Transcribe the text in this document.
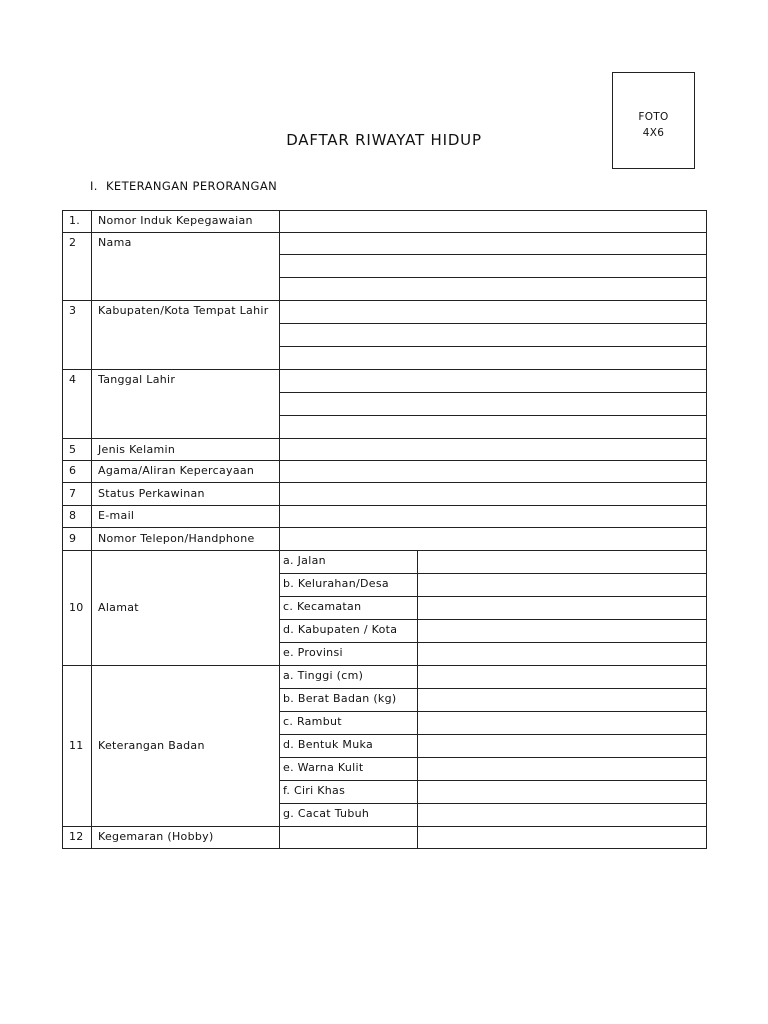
FOTO
4X6
DAFTAR RIWAYAT HIDUP
I. KETERANGAN PERORANGAN
1.	Nomor Induk Kepegawaian		
2	Nama		

3	Kabupaten/Kota Tempat Lahir		

4	Tanggal Lahir		

5	Jenis Kelamin		
6	Agama/Aliran Kepercayaan		
7	Status Perkawinan		
8	E-mail		
9	Nomor Telepon/Handphone		
10	Alamat	a. Jalan	
		b. Kelurahan/Desa	
		c. Kecamatan	
		d. Kabupaten / Kota	
		e. Provinsi	
11	Keterangan Badan	a. Tinggi (cm)	
		b. Berat Badan (kg)	
		c. Rambut	
		d. Bentuk Muka	
		e. Warna Kulit	
		f. Ciri Khas	
		g. Cacat Tubuh	
12	Kegemaran (Hobby)		
